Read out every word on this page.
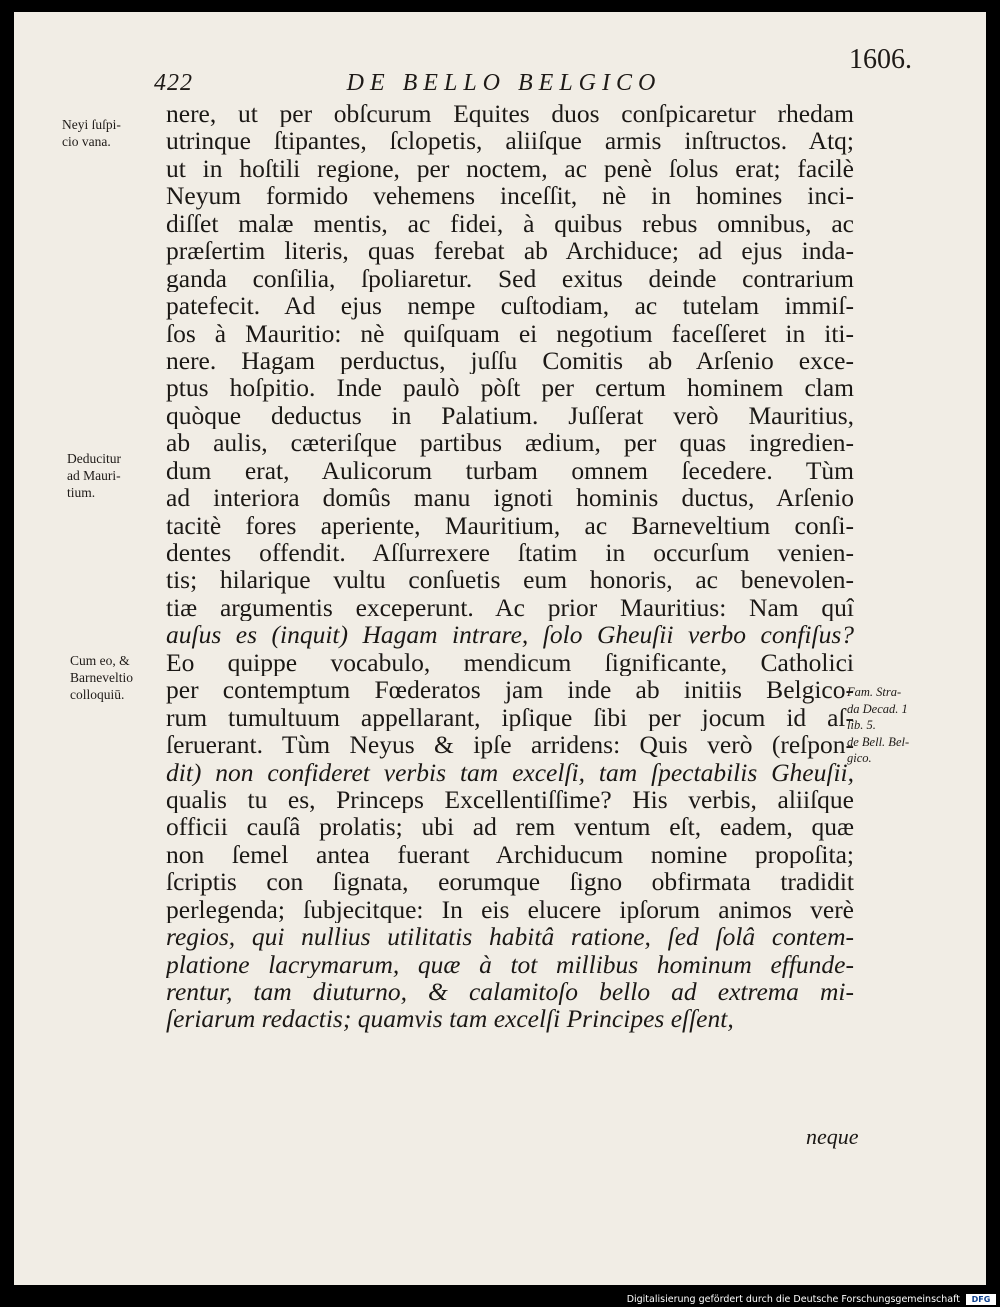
422	DE BELLO BELGICO
1606.
nere, ut per obſcurum Equites duos conſpicaretur rhedam
utrinque ſtipantes, ſclopetis, aliiſque armis inſtructos. Atq;
ut in hoſtili regione, per noctem, ac penè ſolus erat; facilè
Neyum formido vehemens inceſſit, nè in homines inci-
diſſet malæ mentis, ac fidei, à quibus rebus omnibus, ac
præſertim literis, quas ferebat ab Archiduce; ad ejus inda-
ganda conſilia, ſpoliaretur. Sed exitus deinde contrarium
patefecit. Ad ejus nempe cuſtodiam, ac tutelam immiſ-
ſos à Mauritio: nè quiſquam ei negotium faceſſeret in iti-
nere. Hagam perductus, juſſu Comitis ab Arſenio exce-
ptus hoſpitio. Inde paulò pòſt per certum hominem clam
quòque deductus in Palatium. Juſſerat verò Mauritius,
ab aulis, cæteriſque partibus ædium, per quas ingredien-
dum erat, Aulicorum turbam omnem ſecedere. Tùm
ad interiora domûs manu ignoti hominis ductus, Arſenio
tacitè fores aperiente, Mauritium, ac Barneveltium conſi-
dentes offendit. Aſſurrexere ſtatim in occurſum venien-
tis; hilarique vultu conſuetis eum honoris, ac benevolen-
tiæ argumentis exceperunt. Ac prior Mauritius: Nam quî
auſus es (inquit) Hagam intrare, ſolo Gheuſii verbo confiſus?
Eo quippe vocabulo, mendicum ſignificante, Catholici
per contemptum Fœderatos jam inde ab initiis Belgico-
rum tumultuum appellarant, ipſique ſibi per jocum id aſ-
ſeruerant. Tùm Neyus & ipſe arridens: Quis verò (reſpon-
dit) non confideret verbis tam excelſi, tam ſpectabilis Gheuſii,
qualis tu es, Princeps Excellentiſſime? His verbis, aliiſque
officii cauſâ prolatis; ubi ad rem ventum eſt, eadem, quæ
non ſemel antea fuerant Archiducum nomine propoſita;
ſcriptis con ſignata, eorumque ſigno obfirmata tradidit
perlegenda; ſubjecitque: In eis elucere ipſorum animos verè
regios, qui nullius utilitatis habitâ ratione, ſed ſolâ contem-
platione lacrymarum, quæ à tot millibus hominum effunde-
rentur, tam diuturno, & calamitoſo bello ad extrema mi-
ſeriarum redactis; quamvis tam excelſi Principes eſſent,
Neyi ſuſpi-
cio vana.
Deducitur
ad Mauri-
tium.
Cum eo, &
Barneveltio
colloquiū.	Fam. Stra-
da Decad. 1
lib. 5.
de Bell. Bel-
gico.
neque
Digitalisierung gefördert durch die Deutsche Forschungsgemeinschaft	DFG
